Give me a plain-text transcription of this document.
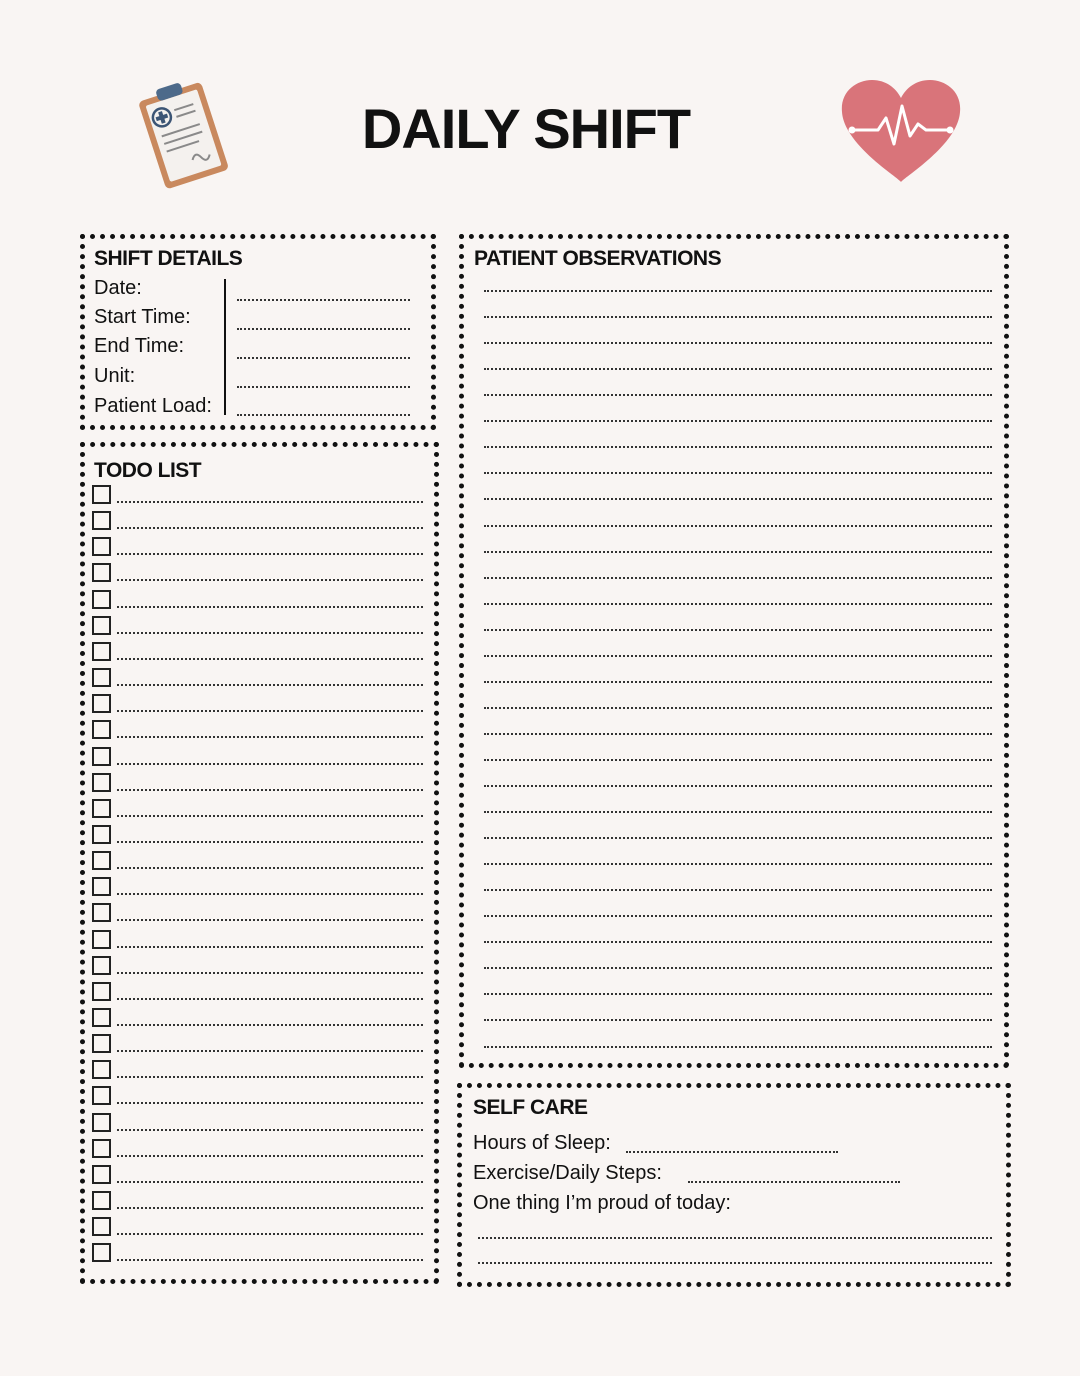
DAILY SHIFT
SHIFT DETAILS
Date:
Start Time:
End Time:
Unit:
Patient Load:
TODO LIST
PATIENT OBSERVATIONS
SELF CARE
Hours of Sleep:
Exercise/Daily Steps:
One thing I’m proud of today:
